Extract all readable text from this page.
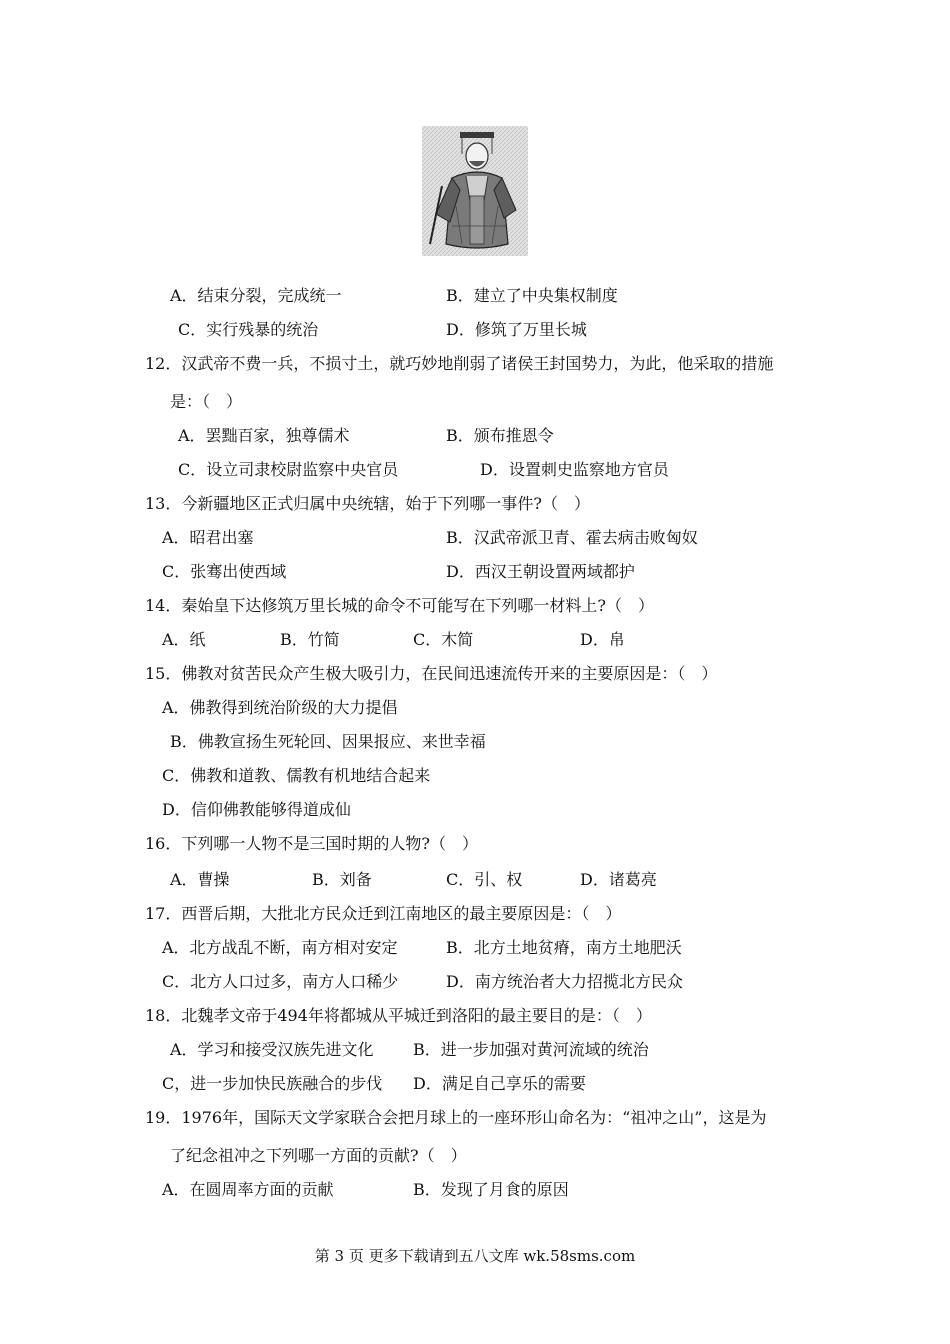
A．结束分裂，完成统一	B．建立了中央集权制度
C．实行残暴的统治	D．修筑了万里长城
12．汉武帝不费一兵，不损寸土，就巧妙地削弱了诸侯王封国势力，为此，他采取的措施
是：（　）
A．罢黜百家，独尊儒术	B．颁布推恩令
C．设立司隶校尉监察中央官员	D．设置刺史监察地方官员
13．今新疆地区正式归属中央统辖，始于下列哪一事件?（　）
A．昭君出塞	B．汉武帝派卫青、霍去病击败匈奴
C．张骞出使西域	D．西汉王朝设置两域都护
14．秦始皇下达修筑万里长城的命令不可能写在下列哪一材料上?（　）
A．纸	B．竹简	C．木简	D．帛
15．佛教对贫苦民众产生极大吸引力，在民间迅速流传开来的主要原因是：（　）
A．佛教得到统治阶级的大力提倡
B．佛教宣扬生死轮回、因果报应、来世幸福
C．佛教和道教、儒教有机地结合起来
D．信仰佛教能够得道成仙
16．下列哪一人物不是三国时期的人物?（　）
A．曹操	B．刘备	C．引、权	D．诸葛亮
17．西晋后期，大批北方民众迁到江南地区的最主要原因是：（　）
A．北方战乱不断，南方相对安定	B．北方土地贫瘠，南方土地肥沃
C．北方人口过多，南方人口稀少	D．南方统治者大力招揽北方民众
18．北魏孝文帝于494年将都城从平城迁到洛阳的最主要目的是：（　）
A．学习和接受汉族先进文化 B．进一步加强对黄河流域的统治
C，进一步加快民族融合的步伐 D．满足自己享乐的需要
19．1976年，国际天文学家联合会把月球上的一座环形山命名为：“祖冲之山”，这是为
了纪念祖冲之下列哪一方面的贡献?（　）
A．在圆周率方面的贡献	B．发现了月食的原因
第 3 页 更多下载请到五八文库 wk.58sms.com
